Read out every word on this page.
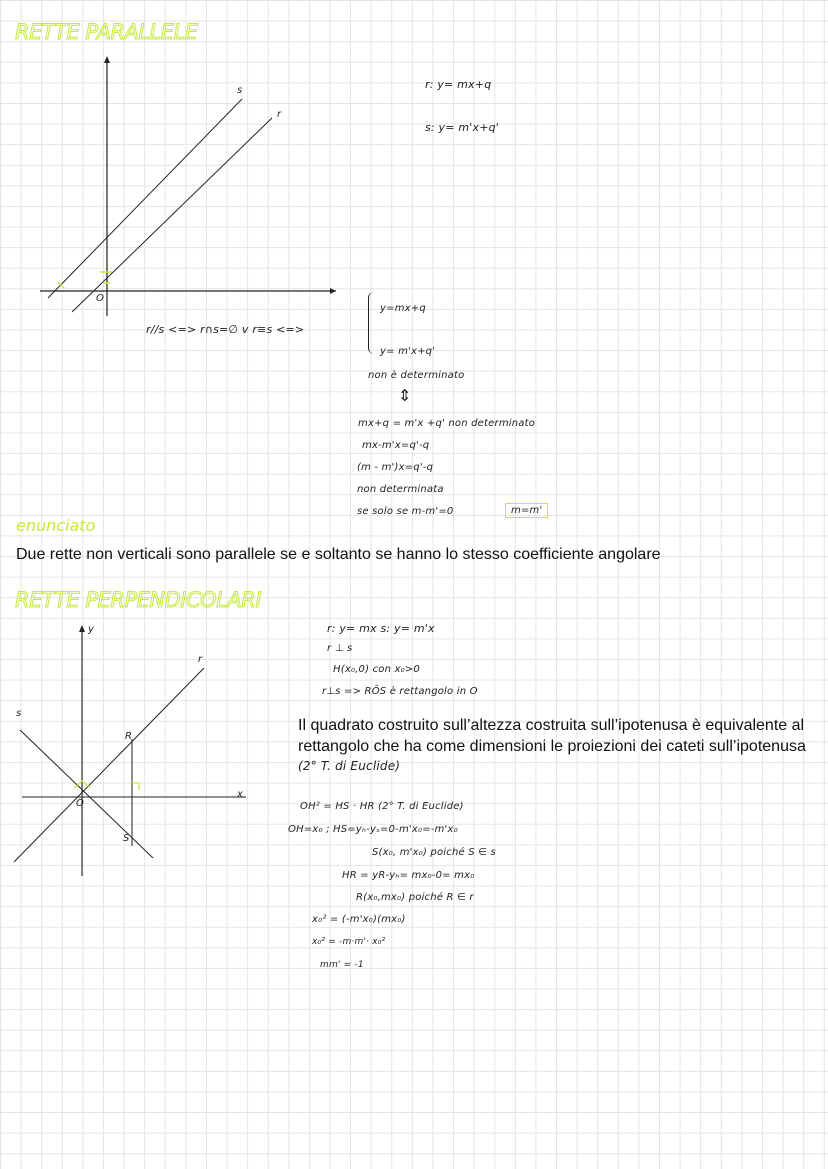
RETTE PARALLELE
s
r
O
r: y= mx+q
s: y= m'x+q'
r//s <=> r∩s=∅ v r≡s <=>
y=mx+q
y= m'x+q'
non è determinato
⇕
mx+q = m'x +q' non determinato
mx-m'x=q'-q
(m - m')x=q'-q
non determinata
se solo se m-m'=0	m=m'
enunciato
Due rette non verticali sono parallele se e soltanto se hanno lo stesso coefficiente angolare
RETTE PERPENDICOLARI
y
r
s
R
S
x
O
r: y= mx s: y= m'x
r ⊥ s
H(x₀,0) con x₀>0
r⊥s => RÔS è rettangolo in O
Il quadrato costruito sull’altezza costruita sull’ipotenusa è equivalente al rettangolo che ha come dimensioni le proiezioni dei cateti sull’ipotenusa (2° T. di Euclide)
OH² = HS · HR (2° T. di Euclide)
OH=x₀ ; HS=yₕ-yₛ=0-m'x₀=-m'x₀
S(x₀, m'x₀) poiché S ∈ s
HR = yR-yₕ= mx₀-0= mx₀
R(x₀,mx₀) poiché R ∈ r
x₀² = (-m'x₀)(mx₀)
x₀² = -m·m'· x₀²
mm' = -1
